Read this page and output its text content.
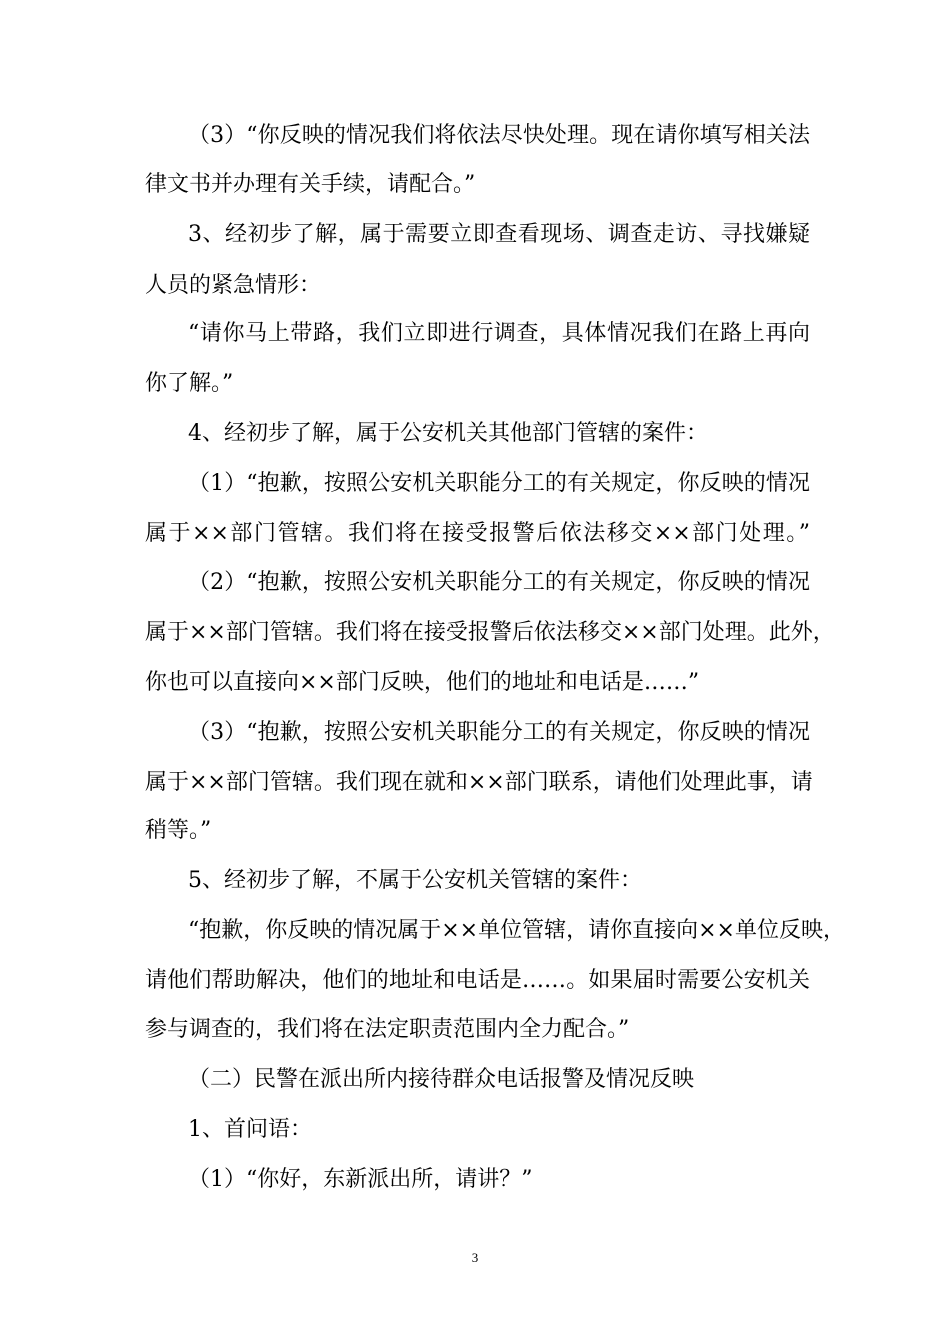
（3）“你反映的情况我们将依法尽快处理。现在请你填写相关法
律文书并办理有关手续，请配合。”
3、经初步了解，属于需要立即查看现场、调查走访、寻找嫌疑
人员的紧急情形：
“请你马上带路，我们立即进行调查，具体情况我们在路上再向
你了解。”
4、经初步了解，属于公安机关其他部门管辖的案件：
（1）“抱歉，按照公安机关职能分工的有关规定，你反映的情况
属于××部门管辖。我们将在接受报警后依法移交××部门处理。”
（2）“抱歉，按照公安机关职能分工的有关规定，你反映的情况
属于××部门管辖。我们将在接受报警后依法移交××部门处理。此外，
你也可以直接向××部门反映，他们的地址和电话是……”
（3）“抱歉，按照公安机关职能分工的有关规定，你反映的情况
属于××部门管辖。我们现在就和××部门联系，请他们处理此事，请
稍等。”
5、经初步了解，不属于公安机关管辖的案件：
“抱歉，你反映的情况属于××单位管辖，请你直接向××单位反映，
请他们帮助解决，他们的地址和电话是……。如果届时需要公安机关
参与调查的，我们将在法定职责范围内全力配合。”
（二）民警在派出所内接待群众电话报警及情况反映
1、首问语：
（1）“你好，东新派出所，请讲？”
3
